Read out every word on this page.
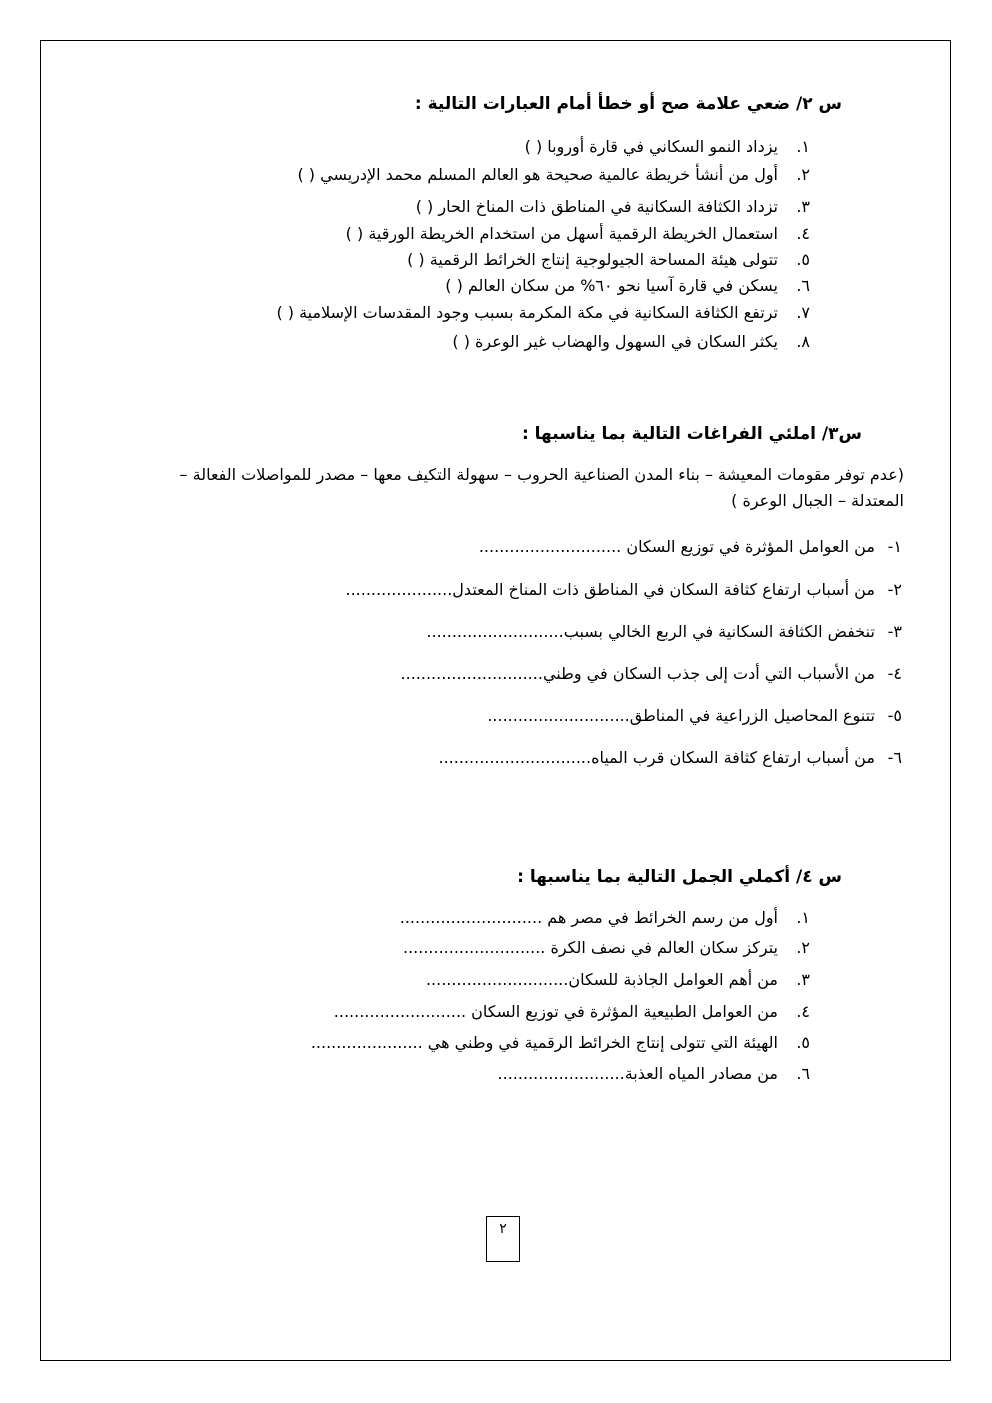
س ٢/ ضعي علامة صح أو خطأ أمام العبارات التالية :
١.يزداد النمو السكاني في قارة أوروبا ( )
٢.أول من أنشأ خريطة عالمية صحيحة هو العالم المسلم محمد الإدريسي ( )
٣.تزداد الكثافة السكانية في المناطق ذات المناخ الحار ( )
٤.استعمال الخريطة الرقمية أسهل من استخدام الخريطة الورقية ( )
٥.تتولى هيئة المساحة الجيولوجية إنتاج الخرائط الرقمية ( )
٦.يسكن في قارة آسيا نحو ٦٠% من سكان العالم ( )
٧.ترتفع الكثافة السكانية في مكة المكرمة بسبب وجود المقدسات الإسلامية ( )
٨.يكثر السكان في السهول والهضاب غير الوعرة ( )
س٣/ املئي الفراغات التالية بما يناسبها :
(عدم توفر مقومات المعيشة – بناء المدن الصناعية الحروب – سهولة التكيف معها – مصدر للمواصلات الفعالة – المعتدلة – الجبال الوعرة )
١- من العوامل المؤثرة في توزيع السكان ............................
٢- من أسباب ارتفاع كثافة السكان في المناطق ذات المناخ المعتدل.....................
٣- تنخفض الكثافة السكانية في الربع الخالي بسبب...........................
٤- من الأسباب التي أدت إلى جذب السكان في وطني............................
٥- تتنوع المحاصيل الزراعية في المناطق............................
٦- من أسباب ارتفاع كثافة السكان قرب المياه..............................
س ٤/ أكملي الجمل التالية بما يناسبها :
١.أول من رسم الخرائط في مصر هم ............................
٢.يتركز سكان العالم في نصف الكرة ............................
٣.من أهم العوامل الجاذبة للسكان............................
٤.من العوامل الطبيعية المؤثرة في توزيع السكان ..........................
٥.الهيئة التي تتولى إنتاج الخرائط الرقمية في وطني هي ......................
٦.من مصادر المياه العذبة.........................
٢
